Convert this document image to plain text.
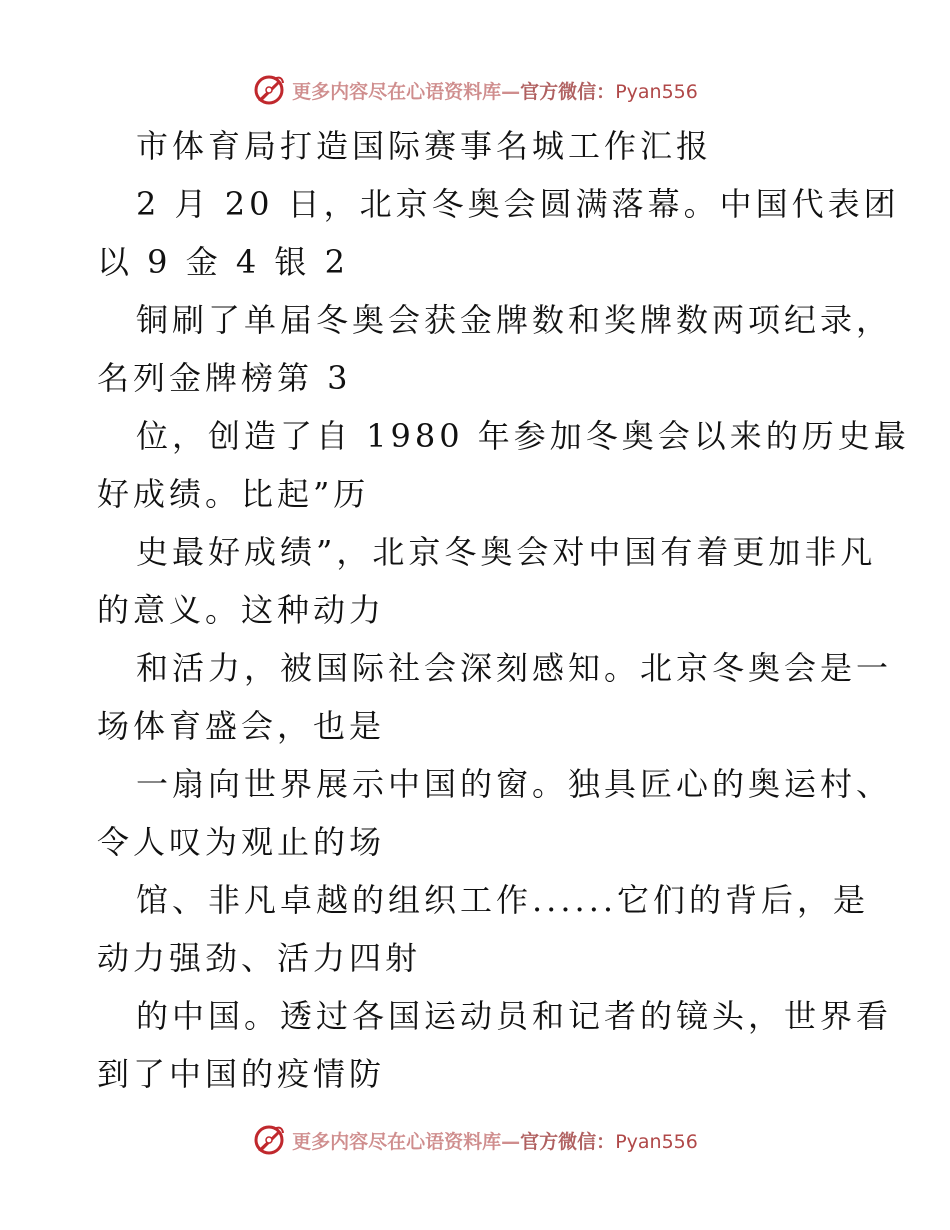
更多内容尽在心语资料库—官方微信：Pyan556
市体育局打造国际赛事名城工作汇报
2 月 20 日，北京冬奥会圆满落幕。中国代表团
以 9 金 4 银 2
铜刷了单届冬奥会获金牌数和奖牌数两项纪录，
名列金牌榜第 3
位，创造了自 1980 年参加冬奥会以来的历史最
好成绩。比起”历
史最好成绩”，北京冬奥会对中国有着更加非凡
的意义。这种动力
和活力，被国际社会深刻感知。北京冬奥会是一
场体育盛会，也是
一扇向世界展示中国的窗。独具匠心的奥运村、
令人叹为观止的场
馆、非凡卓越的组织工作......它们的背后，是
动力强劲、活力四射
的中国。透过各国运动员和记者的镜头，世界看
到了中国的疫情防
更多内容尽在心语资料库—官方微信：Pyan556
